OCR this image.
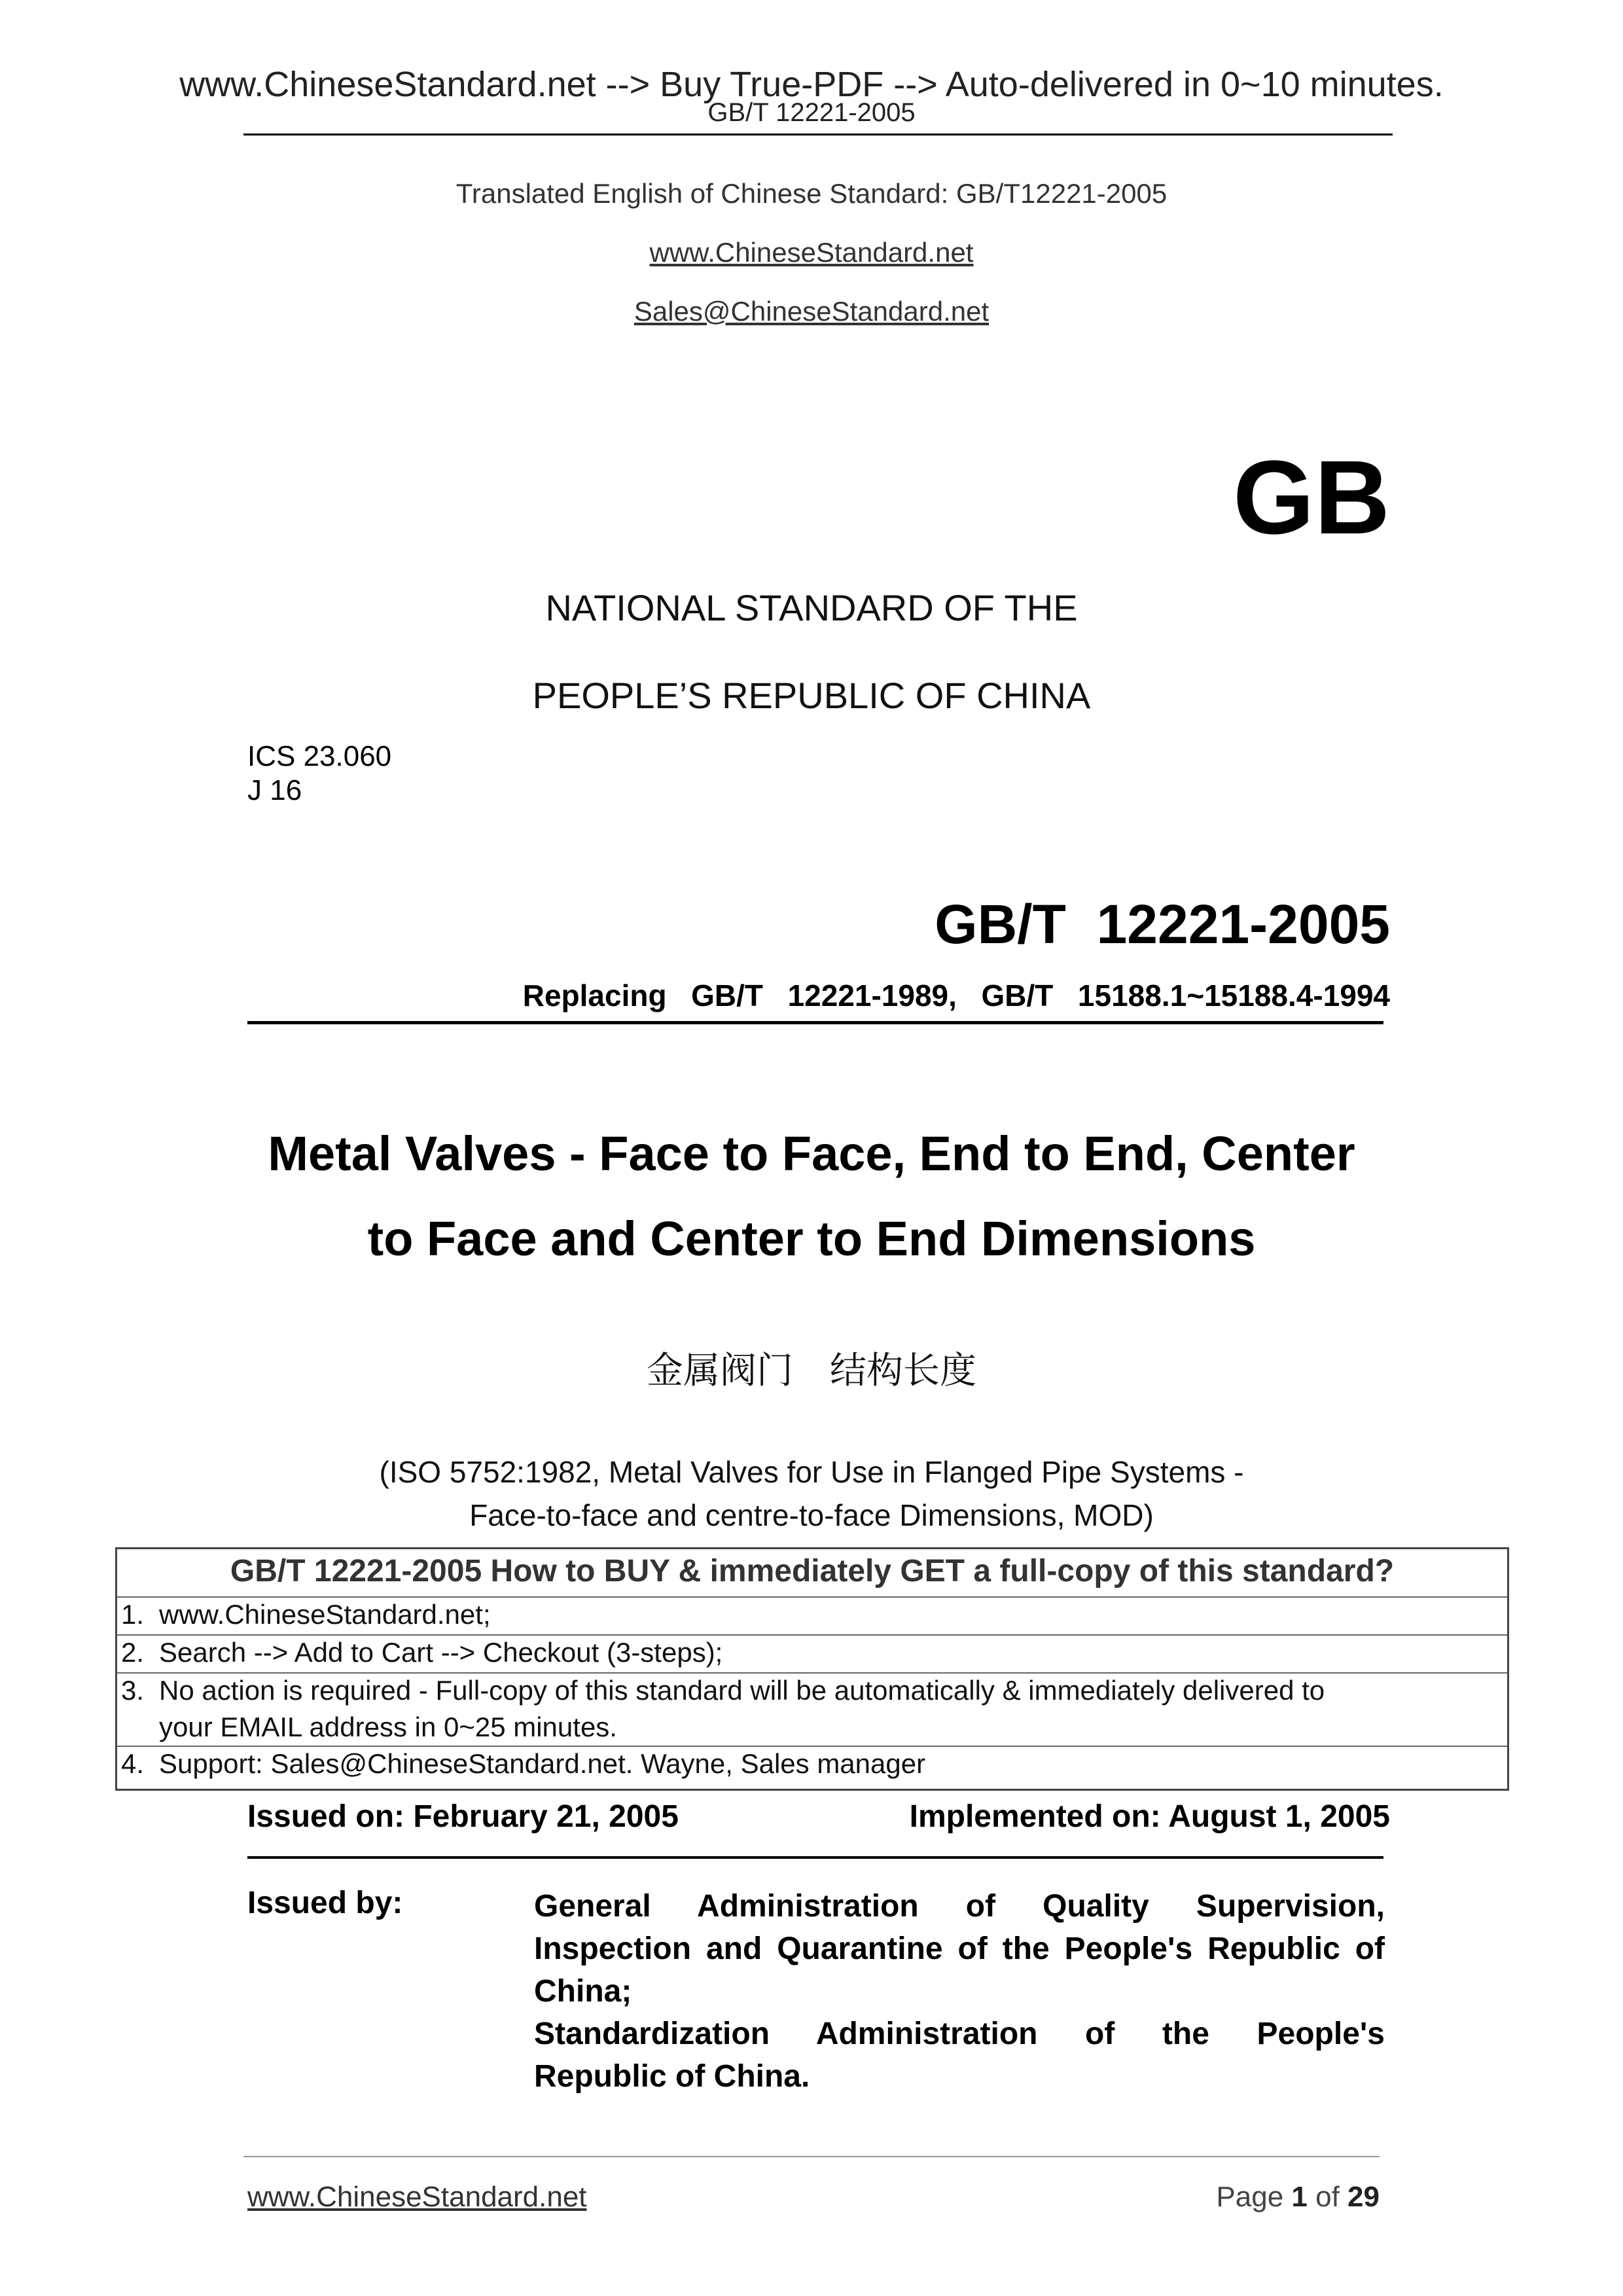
www.ChineseStandard.net --> Buy True-PDF --> Auto-delivered in 0~10 minutes.
GB/T 12221-2005
Translated English of Chinese Standard: GB/T12221-2005
www.ChineseStandard.net
Sales@ChineseStandard.net
GB
NATIONAL STANDARD OF THE
PEOPLE’S REPUBLIC OF CHINA
ICS 23.060
J 16
GB/T  12221-2005
Replacing  GB/T  12221-1989,  GB/T  15188.1~15188.4-1994
Metal Valves - Face to Face, End to End, Center
to Face and Center to End Dimensions
金属阀门　结构长度
(ISO 5752:1982, Metal Valves for Use in Flanged Pipe Systems -
Face-to-face and centre-to-face Dimensions, MOD)
GB/T 12221-2005 How to BUY & immediately GET a full-copy of this standard?
1. www.ChineseStandard.net;
2. Search --> Add to Cart --> Checkout (3-steps);
3. No action is required - Full-copy of this standard will be automatically & immediately delivered to
your EMAIL address in 0~25 minutes.
4. Support: Sales@ChineseStandard.net. Wayne, Sales manager
Issued on: February 21, 2005	Implemented on: August 1, 2005
Issued by:	General Administration of Quality Supervision,
Inspection and Quarantine of the People's Republic of
China;
Standardization Administration of the People's
Republic of China.
www.ChineseStandard.net	Page 1 of 29
